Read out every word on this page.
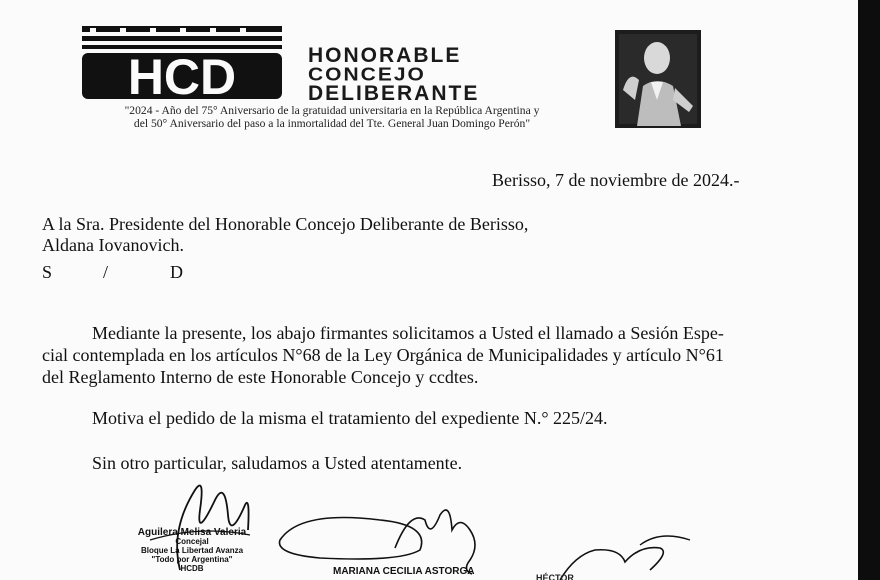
HCD	HONORABLE
CONCEJO
DELIBERANTE
"2024 - Año del 75° Aniversario de la gratuidad universitaria en la República Argentina y
del 50° Aniversario del paso a la inmortalidad del Tte. General Juan Domingo Perón"
Berisso, 7 de noviembre de 2024.-
A la Sra. Presidente del Honorable Concejo Deliberante de Berisso,
Aldana Iovanovich.
S	/	D
Mediante la presente, los abajo firmantes solicitamos a Usted el llamado a Sesión Espe-
cial contemplada en los artículos N°68 de la Ley Orgánica de Municipalidades y artículo N°61
del Reglamento Interno de este Honorable Concejo y ccdtes.
Motiva el pedido de la misma el tratamiento del expediente N.° 225/24.
Sin otro particular, saludamos a Usted atentamente.
Aguilera Melisa Valeria
Concejal
Bloque La Libertad Avanza
"Todo por Argentina"
HCDB	MARIANA CECILIA ASTORGA
HÉCTOR
